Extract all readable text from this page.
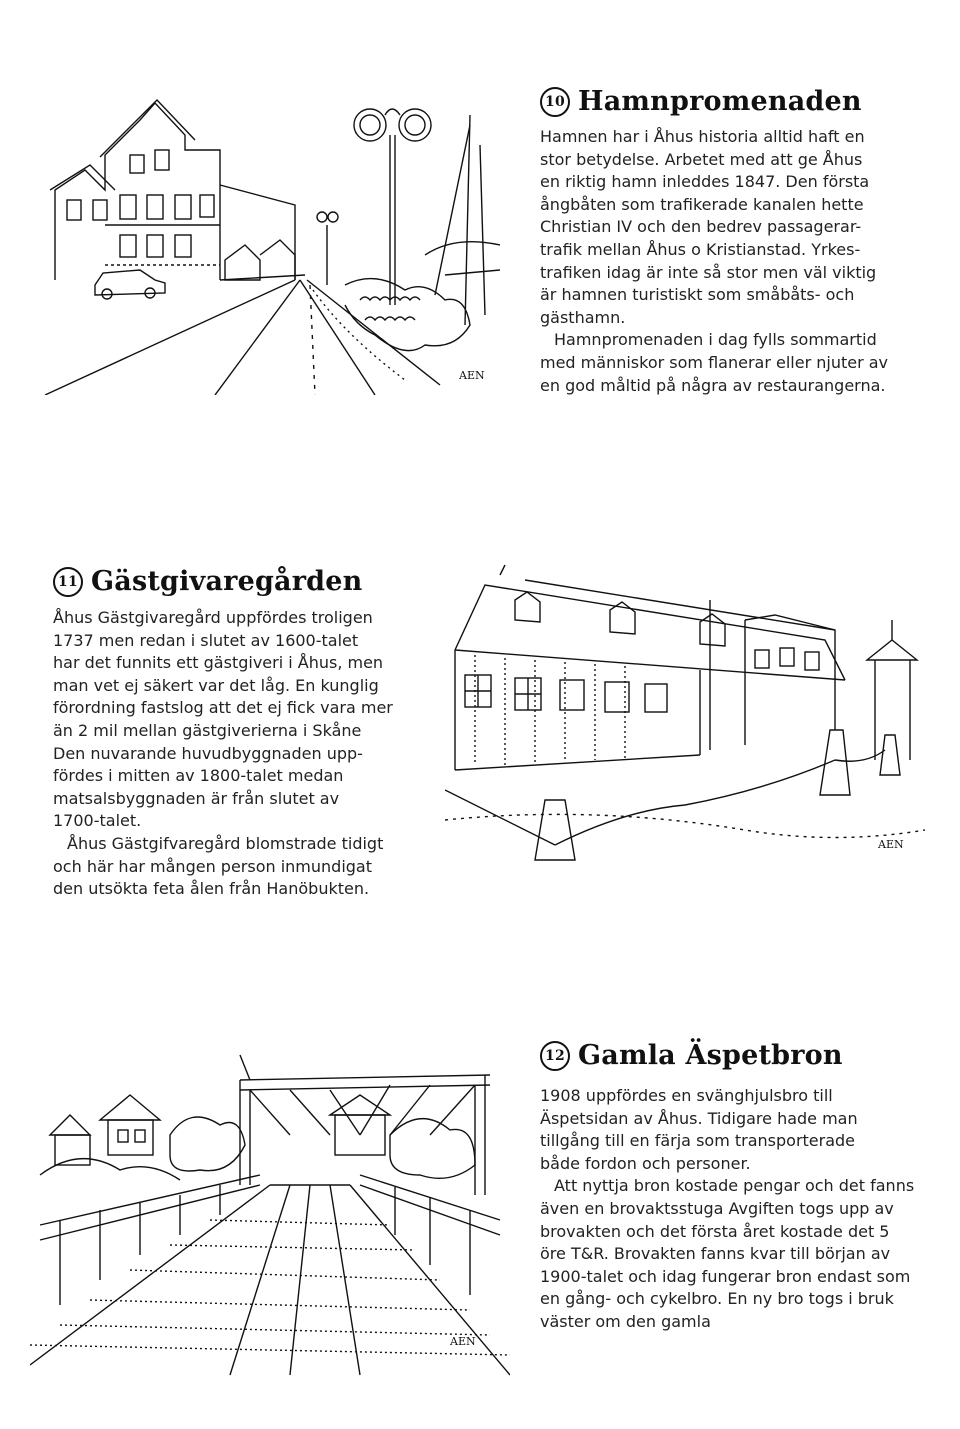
10 Hamnpromenaden

Hamnen har i Åhus historia alltid haft en
stor betydelse. Arbetet med att ge Åhus
en riktig hamn inleddes 1847. Den första
ångbåten som trafikerade kanalen hette
Christian IV och den bedrev passagerar-
trafik mellan Åhus o Kristianstad. Yrkes-
trafiken idag är inte så stor men väl viktig
är hamnen turistiskt som småbåts- och
gästhamn.

Hamnpromenaden i dag fylls sommartid
med människor som flanerar eller njuter av
en god måltid på några av restaurangerna.

AEN
11 Gästgivaregården

Åhus Gästgivaregård uppfördes troligen
1737 men redan i slutet av 1600-talet
har det funnits ett gästgiveri i Åhus, men
man vet ej säkert var det låg. En kunglig
förordning fastslog att det ej fick vara mer
än 2 mil mellan gästgiverierna i Skåne
Den nuvarande huvudbyggnaden upp-
fördes i mitten av 1800-talet medan
matsalsbyggnaden är från slutet av
1700-talet.

Åhus Gästgifvaregård blomstrade tidigt
och här har mången person inmundigat
den utsökta feta ålen från Hanöbukten.

AEN
12 Gamla Äspetbron

1908 uppfördes en svänghjulsbro till
Äspetsidan av Åhus. Tidigare hade man
tillgång till en färja som transporterade
både fordon och personer.

Att nyttja bron kostade pengar och det fanns
även en brovaktsstuga Avgiften togs upp av
brovakten och det första året kostade det 5
öre T&R. Brovakten fanns kvar till början av
1900-talet och idag fungerar bron endast som
en gång- och cykelbro. En ny bro togs i bruk
väster om den gamla

AEN
